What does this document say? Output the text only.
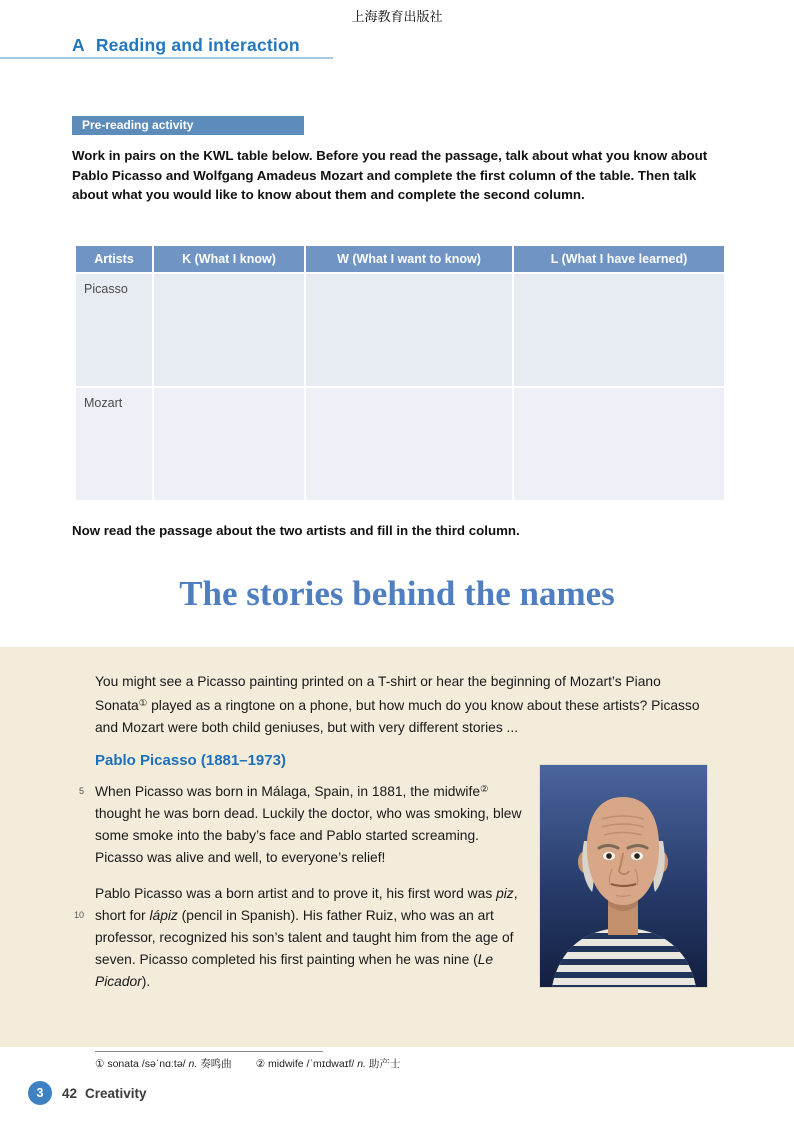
上海教育出版社
A Reading and interaction
Pre-reading activity

Work in pairs on the KWL table below. Before you read the passage, talk about what you know about Pablo Picasso and Wolfgang Amadeus Mozart and complete the first column of the table. Then talk about what you would like to know about them and complete the second column.

Artists	K (What I know)	W (What I want to know)	L (What I have learned)
Picasso
Mozart

Now read the passage about the two artists and fill in the third column.

The stories behind the names

You might see a Picasso painting printed on a T-shirt or hear the beginning of Mozart’s Piano Sonata① played as a ringtone on a phone, but how much do you know about these artists? Picasso and Mozart were both child geniuses, but with very different stories ...

Pablo Picasso (1881–1973)
5 When Picasso was born in Málaga, Spain, in 1881, the midwife② thought he was born dead. Luckily the doctor, who was smoking, blew some smoke into the baby’s face and Pablo started screaming. Picasso was alive and well, to everyone’s relief!

10

Pablo Picasso was a born artist and to prove it, his first word was piz, short for lápiz (pencil in Spanish). His father Ruiz, who was an art professor, recognized his son’s talent and taught him from the age of seven. Picasso completed his first painting when he was nine (Le Picador).

① sonata /səˈnɑːtə/ n. 奏鸣曲 ② midwife /ˈmɪdwaɪf/ n. 助产士
3	42 Creativity
